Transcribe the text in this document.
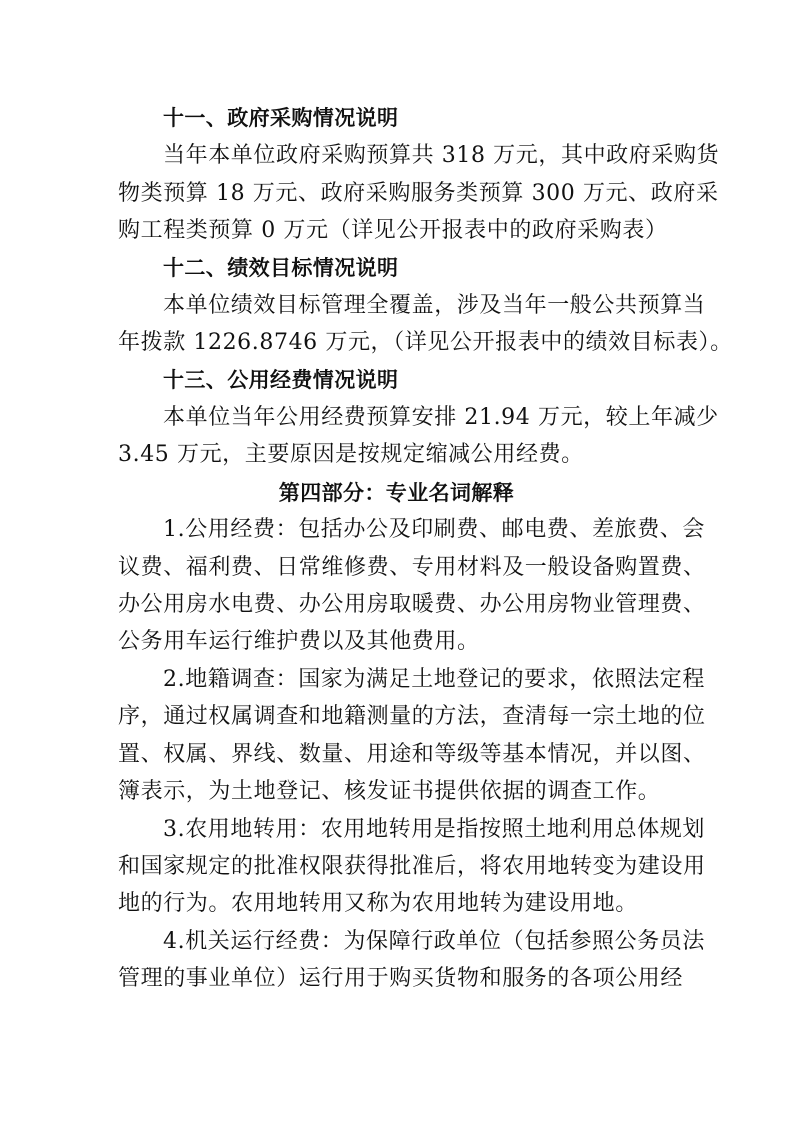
十一、政府采购情况说明
当年本单位政府采购预算共 318 万元，其中政府采购货
物类预算 18 万元、政府采购服务类预算 300 万元、政府采
购工程类预算 0 万元（详见公开报表中的政府采购表）
十二、绩效目标情况说明
本单位绩效目标管理全覆盖，涉及当年一般公共预算当
年拨款 1226.8746 万元，（详见公开报表中的绩效目标表）。
十三、公用经费情况说明
本单位当年公用经费预算安排 21.94 万元，较上年减少
3.45 万元，主要原因是按规定缩减公用经费。
第四部分：专业名词解释
1.公用经费：包括办公及印刷费、邮电费、差旅费、会
议费、福利费、日常维修费、专用材料及一般设备购置费、
办公用房水电费、办公用房取暖费、办公用房物业管理费、
公务用车运行维护费以及其他费用。
2.地籍调查：国家为满足土地登记的要求，依照法定程
序，通过权属调查和地籍测量的方法，查清每一宗土地的位
置、权属、界线、数量、用途和等级等基本情况，并以图、
簿表示，为土地登记、核发证书提供依据的调查工作。
3.农用地转用：农用地转用是指按照土地利用总体规划
和国家规定的批准权限获得批准后，将农用地转变为建设用
地的行为。农用地转用又称为农用地转为建设用地。
4.机关运行经费：为保障行政单位（包括参照公务员法
管理的事业单位）运行用于购买货物和服务的各项公用经
